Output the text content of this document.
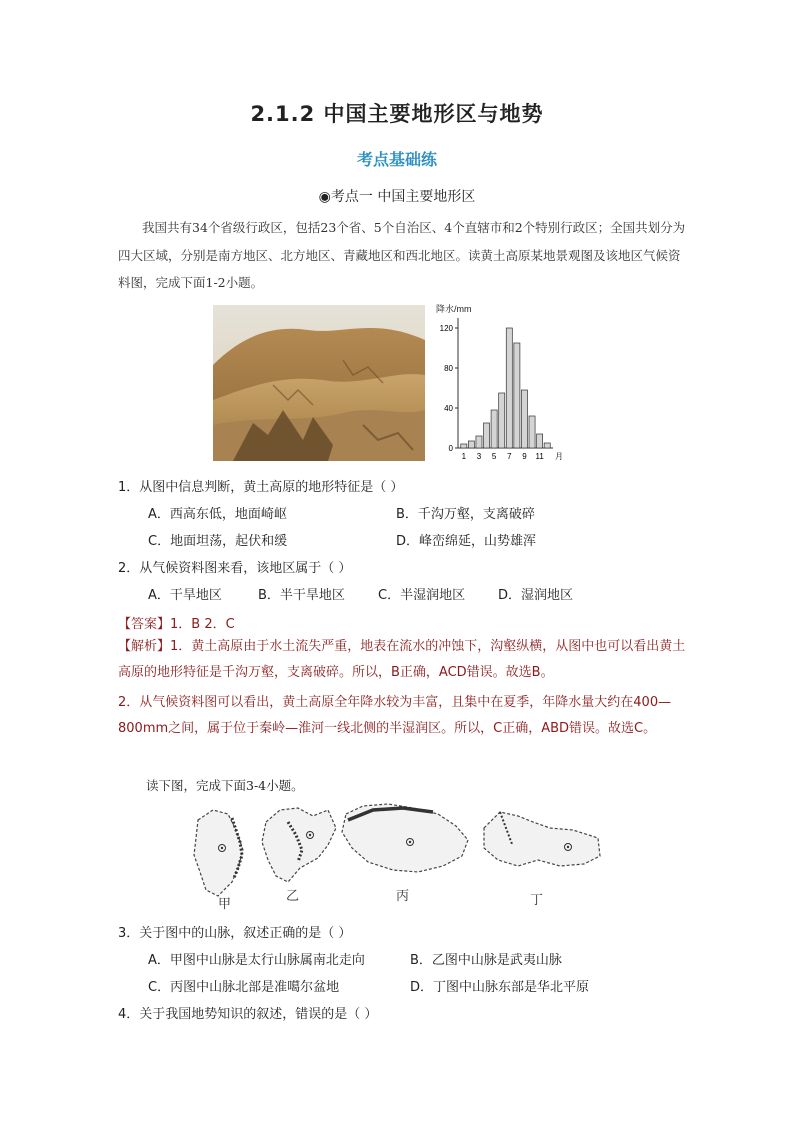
2.1.2 中国主要地形区与地势
考点基础练
◉考点一 中国主要地形区
我国共有34个省级行政区，包括23个省、5个自治区、4个直辖市和2个特别行政区；全国共划分为四大区域，分别是南方地区、北方地区、青藏地区和西北地区。读黄土高原某地景观图及该地区气候资料图，完成下面1-2小题。
降水/mm
0
40
80
120
1 3 5 7 9 11 月
1．从图中信息判断，黄土高原的地形特征是（ ）
A．西高东低，地面崎岖	B．千沟万壑，支离破碎
C．地面坦荡，起伏和缓	D．峰峦绵延，山势雄浑
2．从气候资料图来看，该地区属于（ ）
A．干旱地区	B．半干旱地区	C．半湿润地区	D．湿润地区
【答案】1．B 2．C
【解析】1．黄土高原由于水土流失严重，地表在流水的冲蚀下，沟壑纵横，从图中也可以看出黄土高原的地形特征是千沟万壑，支离破碎。所以，B正确，ACD错误。故选B。
2．从气候资料图可以看出，黄土高原全年降水较为丰富，且集中在夏季，年降水量大约在400—800mm之间，属于位于秦岭—淮河一线北侧的半湿润区。所以，C正确，ABD错误。故选C。
读下图，完成下面3-4小题。
甲
乙	丙	丁
3．关于图中的山脉，叙述正确的是（ ）
A．甲图中山脉是太行山脉属南北走向	B．乙图中山脉是武夷山脉
C．丙图中山脉北部是准噶尔盆地	D．丁图中山脉东部是华北平原
4．关于我国地势知识的叙述，错误的是（ ）
